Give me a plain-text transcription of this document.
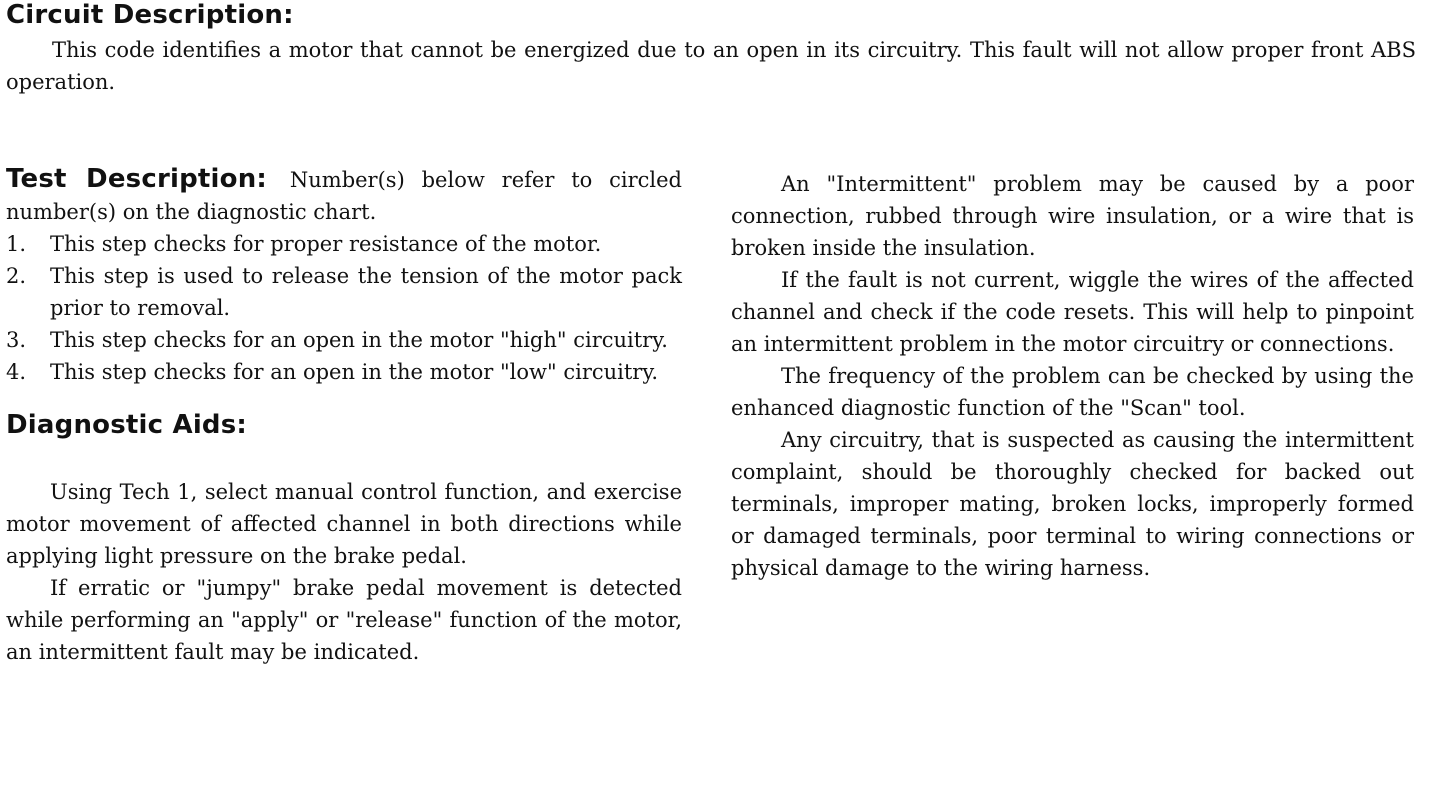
Circuit Description:

This code identifies a motor that cannot be energized due to an open in its circuitry. This fault will not allow proper front ABS operation.

Test Description: Number(s) below refer to circled number(s) on the diagnostic chart.
1. This step checks for proper resistance of the motor.
2. This step is used to release the tension of the motor pack prior to removal.
3. This step checks for an open in the motor "high" circuitry.
4. This step checks for an open in the motor "low" circuitry.
Diagnostic Aids:

Using Tech 1, select manual control function, and exercise motor movement of affected channel in both directions while applying light pressure on the brake pedal.

If erratic or "jumpy" brake pedal movement is detected while performing an "apply" or "release" function of the motor, an intermittent fault may be indicated.

An "Intermittent" problem may be caused by a poor connection, rubbed through wire insulation, or a wire that is broken inside the insulation.

If the fault is not current, wiggle the wires of the affected channel and check if the code resets. This will help to pinpoint an intermittent problem in the motor circuitry or connections.

The frequency of the problem can be checked by using the enhanced diagnostic function of the "Scan" tool.

Any circuitry, that is suspected as causing the intermittent complaint, should be thoroughly checked for backed out terminals, improper mating, broken locks, improperly formed or damaged terminals, poor terminal to wiring connections or physical damage to the wiring harness.
